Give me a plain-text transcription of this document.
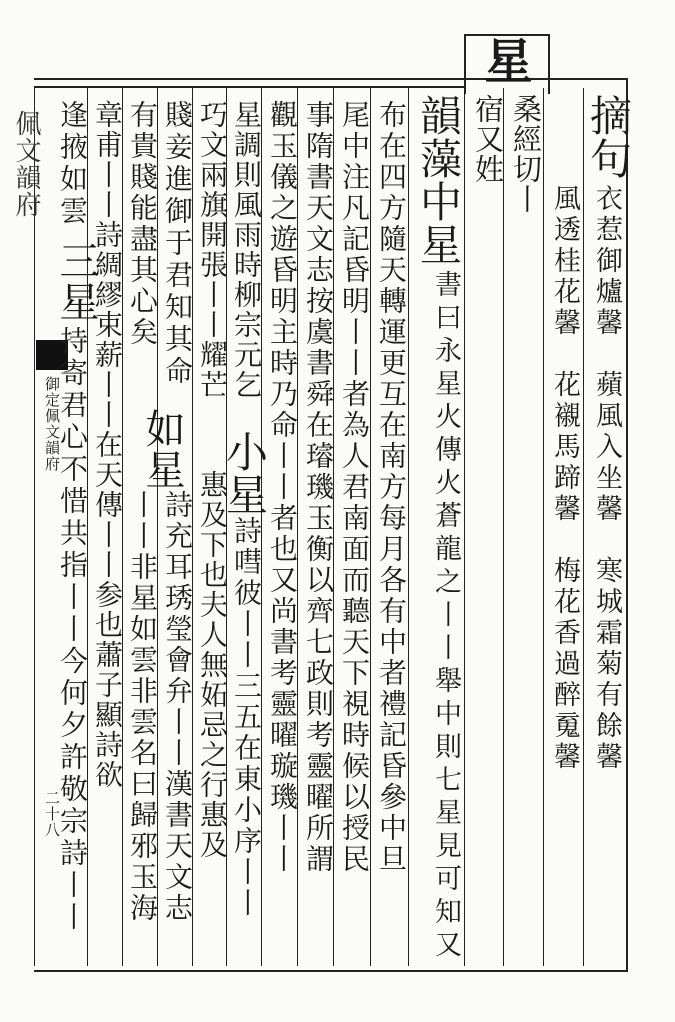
星
佩文韻府
御定佩文韻府
二十八
摘句
衣惹御爐馨　蘋風入坐馨　寒城霜菊有餘馨
風透桂花馨　花襯馬蹄馨　梅花香過醉䰟馨
桑經切丨
宿又姓
韻藻中星
書曰永星火傳火蒼龍之丨丨舉中則七星見可知又
布在四方隨天轉運更互在南方每月各有中者禮記昏參中旦
尾中注凡記昏明丨丨者為人君南面而聽天下視時候以授民
事隋書天文志按虞書舜在璿璣玉衡以齊七政則考靈曜所謂
觀玉儀之遊昏明主時乃命丨丨者也又尚書考靈曜璇璣丨丨
星調則風雨時柳宗元乞
小星
詩嘒彼丨丨三五在東小序丨丨
巧文兩旗開張丨丨耀芒
惠及下也夫人無妬忌之行惠及
賤妾進御于君知其命
有貴賤能盡其心矣
如星
詩充耳琇瑩會弁丨丨漢書天文志
丨丨非星如雲非雲名曰歸邪玉海
章甫丨丨詩綢繆束薪丨丨在天傳丨丨参也蕭子顯詩欲
逢掖如雲
三星
持寄君心不惜共指丨丨今何夕許敬宗詩丨丨
